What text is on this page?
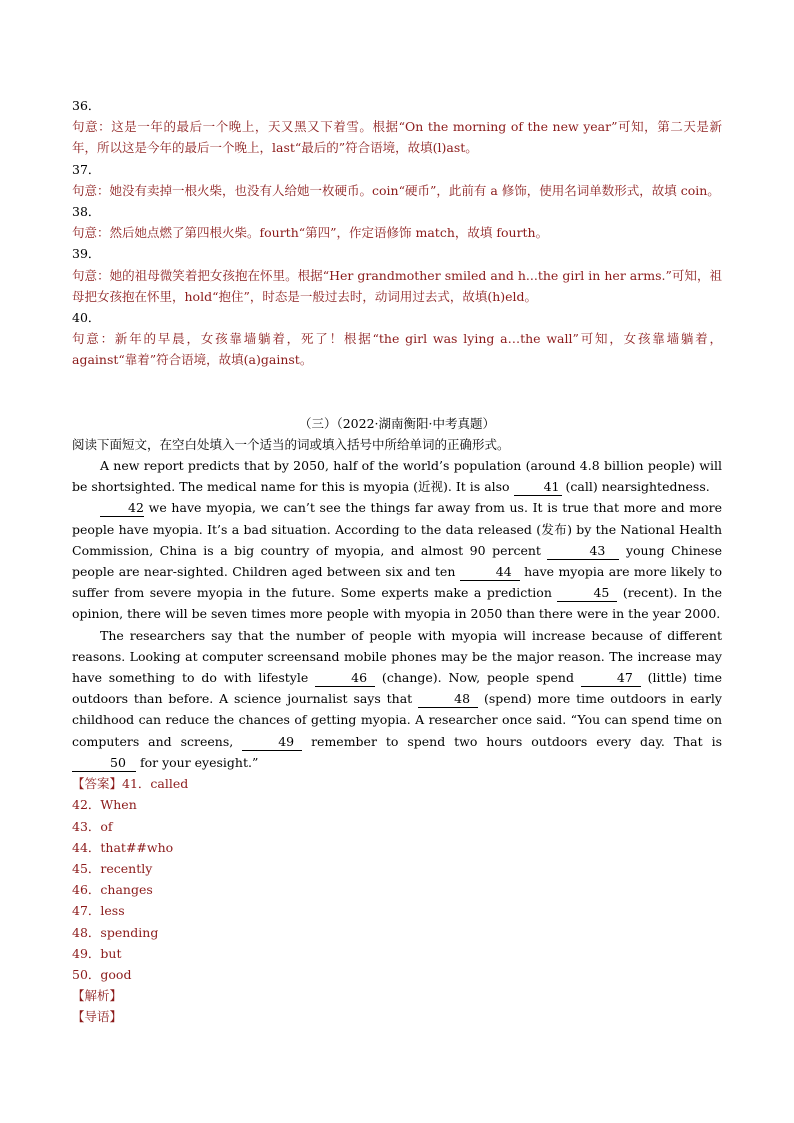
36．
句意：这是一年的最后一个晚上，天又黑又下着雪。根据“On the morning of the new year”可知，第二天是新年，所以这是今年的最后一个晚上，last“最后的”符合语境，故填(l)ast。
37．
句意：她没有卖掉一根火柴，也没有人给她一枚硬币。coin“硬币”，此前有 a 修饰，使用名词单数形式，故填 coin。
38．
句意：然后她点燃了第四根火柴。fourth“第四”，作定语修饰 match，故填 fourth。
39．
句意：她的祖母微笑着把女孩抱在怀里。根据“Her grandmother smiled and h...the girl in her arms.”可知，祖母把女孩抱在怀里，hold“抱住”，时态是一般过去时，动词用过去式，故填(h)eld。
40．
句意：新年的早晨，女孩靠墙躺着，死了！根据“the girl was lying a…the wall”可知，女孩靠墙躺着，against“靠着”符合语境，故填(a)gainst。
（三）（2022·湖南衡阳·中考真题）
阅读下面短文，在空白处填入一个适当的词或填入括号中所给单词的正确形式。
A new report predicts that by 2050, half of the world’s population (around 4.8 billion people) will be shortsighted. The medical name for this is myopia (近视). It is also 41 (call) nearsightedness.
42 we have myopia, we can’t see the things far away from us. It is true that more and more people have myopia. It’s a bad situation. According to the data released (发布) by the National Health Commission, China is a big country of myopia, and almost 90 percent	43 young Chinese people are near-sighted. Children aged between six and ten	44 have myopia are more likely to suffer from severe myopia in the future. Some experts make a prediction	45 (recent). In the opinion, there will be seven times more people with myopia in 2050 than there were in the year 2000.
The researchers say that the number of people with myopia will increase because of different reasons. Looking at computer screensand mobile phones may be the major reason. The increase may have something to do with lifestyle	46 (change). Now, people spend	47 (little) time outdoors than before. A science journalist says that	48 (spend) more time outdoors in early childhood can reduce the chances of getting myopia. A researcher once said. “You can spend time on computers and screens,	49 remember to spend two hours outdoors every day. That is 50 for your eyesight.”
【答案】41．called
42．When
43．of
44．that##who
45．recently
46．changes
47．less
48．spending
49．but
50．good
【解析】
【导语】
